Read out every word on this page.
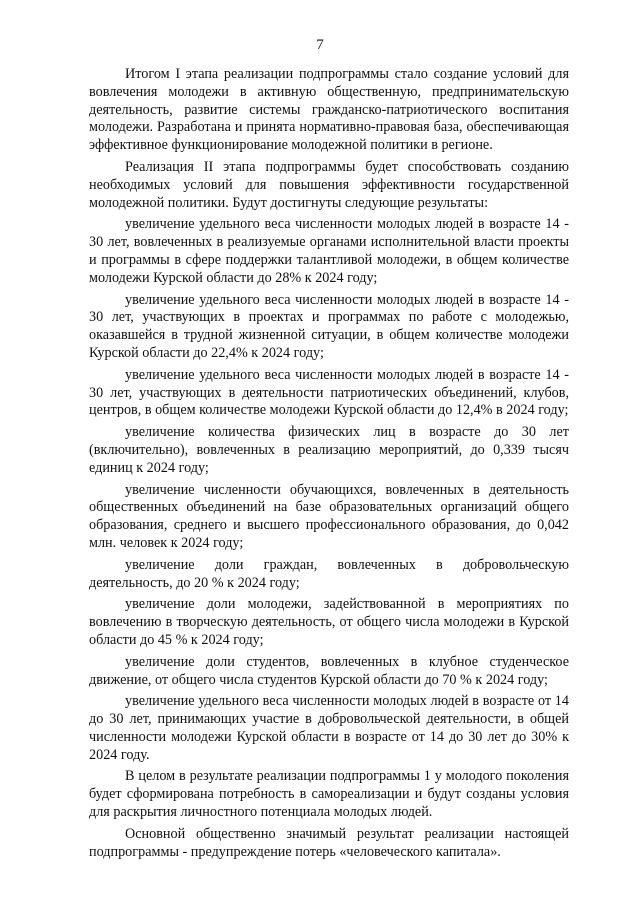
7

Итогом I этапа реализации подпрограммы стало создание условий для вовлечения молодежи в активную общественную, предпринимательскую деятельность, развитие системы гражданско-патриотического воспитания молодежи. Разработана и принята нормативно-правовая база, обеспечивающая эффективное функционирование молодежной политики в регионе.

Реализация II этапа подпрограммы будет способствовать созданию необходимых условий для повышения эффективности государственной молодежной политики. Будут достигнуты следующие результаты:

увеличение удельного веса численности молодых людей в возрасте 14 - 30 лет, вовлеченных в реализуемые органами исполнительной власти проекты и программы в сфере поддержки талантливой молодежи, в общем количестве молодежи Курской области до 28% к 2024 году;

увеличение удельного веса численности молодых людей в возрасте 14 - 30 лет, участвующих в проектах и программах по работе с молодежью, оказавшейся в трудной жизненной ситуации, в общем количестве молодежи Курской области до 22,4% к 2024 году;

увеличение удельного веса численности молодых людей в возрасте 14 - 30 лет, участвующих в деятельности патриотических объединений, клубов, центров, в общем количестве молодежи Курской области до 12,4% в 2024 году;

увеличение количества физических лиц в возрасте до 30 лет (включительно), вовлеченных в реализацию мероприятий, до 0,339 тысяч единиц к 2024 году;

увеличение численности обучающихся, вовлеченных в деятельность общественных объединений на базе образовательных организаций общего образования, среднего и высшего профессионального образования, до 0,042 млн. человек к 2024 году;

увеличение доли граждан, вовлеченных в добровольческую деятельность, до 20 % к 2024 году;

увеличение доли молодежи, задействованной в мероприятиях по вовлечению в творческую деятельность, от общего числа молодежи в Курской области до 45 % к 2024 году;

увеличение доли студентов, вовлеченных в клубное студенческое движение, от общего числа студентов Курской области до 70 % к 2024 году;

увеличение удельного веса численности молодых людей в возрасте от 14 до 30 лет, принимающих участие в добровольческой деятельности, в общей численности молодежи Курской области в возрасте от 14 до 30 лет до 30% к 2024 году.

В целом в результате реализации подпрограммы 1 у молодого поколения будет сформирована потребность в самореализации и будут созданы условия для раскрытия личностного потенциала молодых людей.

Основной общественно значимый результат реализации настоящей подпрограммы - предупреждение потерь «человеческого капитала».
